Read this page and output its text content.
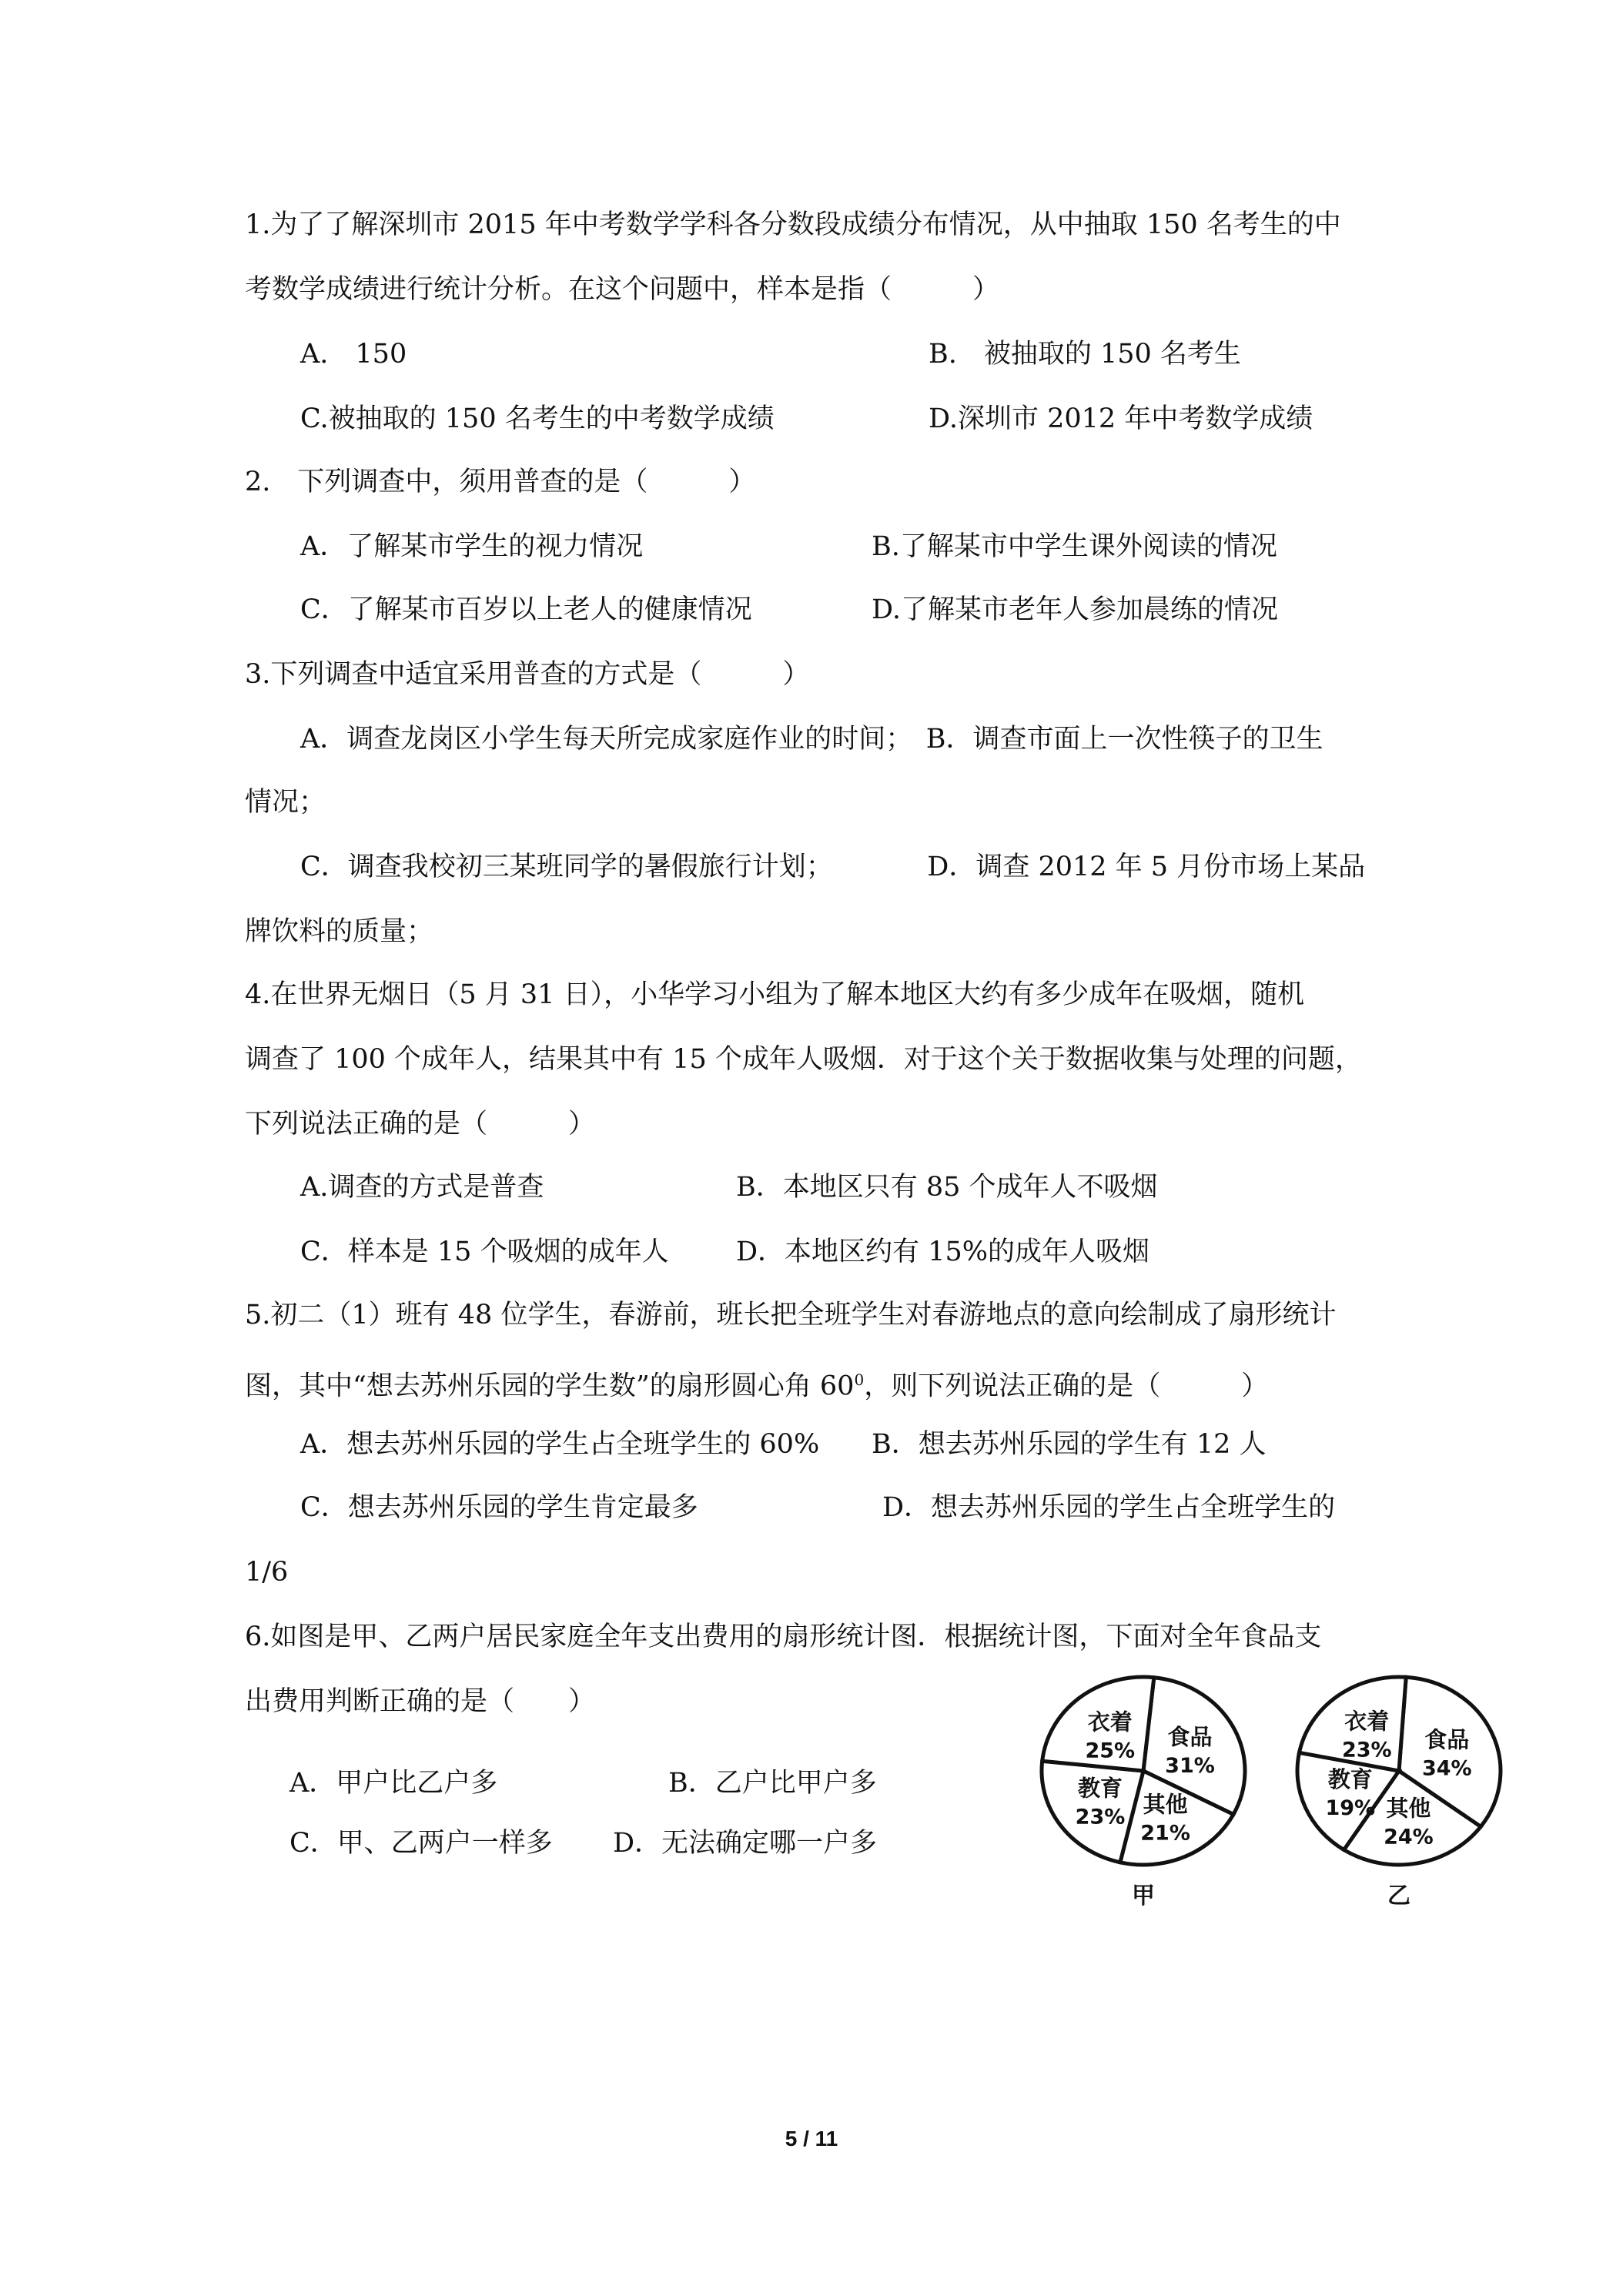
1.为了了解深圳市 2015 年中考数学学科各分数段成绩分布情况，从中抽取 150 名考生的中
考数学成绩进行统计分析。在这个问题中，样本是指（　　　）
A.　150	B.　被抽取的 150 名考生
C.被抽取的 150 名考生的中考数学成绩	D.深圳市 2012 年中考数学成绩
2.　下列调查中，须用普查的是（　　　）
A．了解某市学生的视力情况	B.了解某市中学生课外阅读的情况
C．了解某市百岁以上老人的健康情况	D.了解某市老年人参加晨练的情况
3.下列调查中适宜采用普查的方式是（　　　）
A．调查龙岗区小学生每天所完成家庭作业的时间；　B．调查市面上一次性筷子的卫生
情况；
C．调查我校初三某班同学的暑假旅行计划；　　　　D．调查 2012 年 5 月份市场上某品
牌饮料的质量；
4.在世界无烟日（5 月 31 日），小华学习小组为了解本地区大约有多少成年在吸烟，随机
调查了 100 个成年人，结果其中有 15 个成年人吸烟．对于这个关于数据收集与处理的问题，
下列说法正确的是（　　　）
A.调查的方式是普查	B．本地区只有 85 个成年人不吸烟
C．样本是 15 个吸烟的成年人 D．本地区约有 15%的成年人吸烟
5.初二（1）班有 48 位学生，春游前，班长把全班学生对春游地点的意向绘制成了扇形统计
图，其中“想去苏州乐园的学生数”的扇形圆心角 $60^0$，则下列说法正确的是（　　　）
A．想去苏州乐园的学生占全班学生的 60% B．想去苏州乐园的学生有 12 人
C．想去苏州乐园的学生肯定最多	D．想去苏州乐园的学生占全班学生的
1/6
6.如图是甲、乙两户居民家庭全年支出费用的扇形统计图．根据统计图，下面对全年食品支
出费用判断正确的是（　　）
A．甲户比乙户多	B．乙户比甲户多
C．甲、乙两户一样多 D．无法确定哪一户多
食品
31%
其他
21%
教育
23%
衣着
25%
甲
食品
34%
其他
24%
教育
19%
衣着
23%
乙
5 / 11
